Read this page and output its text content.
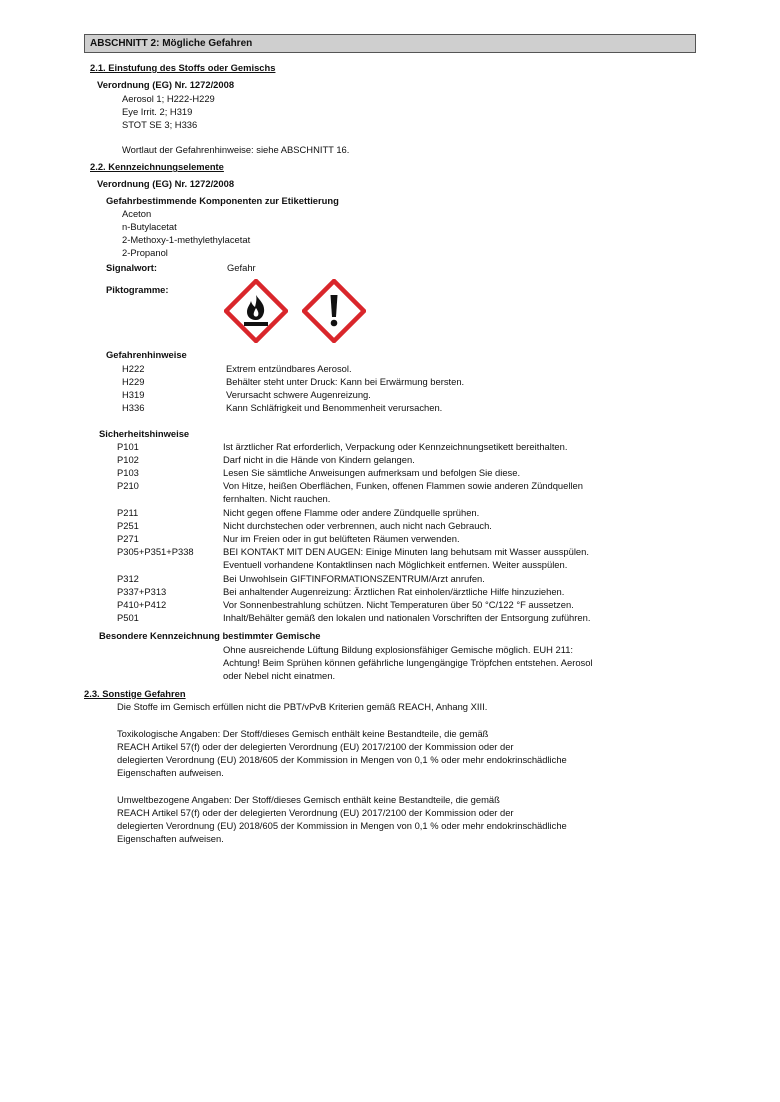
ABSCHNITT 2: Mögliche Gefahren
2.1. Einstufung des Stoffs oder Gemischs
Verordnung (EG) Nr. 1272/2008
Aerosol 1; H222-H229
Eye Irrit. 2; H319
STOT SE 3; H336
Wortlaut der Gefahrenhinweise: siehe ABSCHNITT 16.
2.2. Kennzeichnungselemente
Verordnung (EG) Nr. 1272/2008
Gefahrbestimmende Komponenten zur Etikettierung
Aceton
n-Butylacetat
2-Methoxy-1-methylethylacetat
2-Propanol
Signalwort:	Gefahr
Piktogramme:
Gefahrenhinweise
H222	Extrem entzündbares Aerosol.
H229	Behälter steht unter Druck: Kann bei Erwärmung bersten.
H319	Verursacht schwere Augenreizung.
H336	Kann Schläfrigkeit und Benommenheit verursachen.
Sicherheitshinweise
P101	Ist ärztlicher Rat erforderlich, Verpackung oder Kennzeichnungsetikett bereithalten.
P102	Darf nicht in die Hände von Kindern gelangen.
P103	Lesen Sie sämtliche Anweisungen aufmerksam und befolgen Sie diese.
P210	Von Hitze, heißen Oberflächen, Funken, offenen Flammen sowie anderen Zündquellen
fernhalten. Nicht rauchen.
P211	Nicht gegen offene Flamme oder andere Zündquelle sprühen.
P251	Nicht durchstechen oder verbrennen, auch nicht nach Gebrauch.
P271	Nur im Freien oder in gut belüfteten Räumen verwenden.
P305+P351+P338	BEI KONTAKT MIT DEN AUGEN: Einige Minuten lang behutsam mit Wasser ausspülen.
Eventuell vorhandene Kontaktlinsen nach Möglichkeit entfernen. Weiter ausspülen.
P312	Bei Unwohlsein GIFTINFORMATIONSZENTRUM/Arzt anrufen.
P337+P313	Bei anhaltender Augenreizung: Ärztlichen Rat einholen/ärztliche Hilfe hinzuziehen.
P410+P412	Vor Sonnenbestrahlung schützen. Nicht Temperaturen über 50 °C/122 °F aussetzen.
P501	Inhalt/Behälter gemäß den lokalen und nationalen Vorschriften der Entsorgung zuführen.
Besondere Kennzeichnung bestimmter Gemische
Ohne ausreichende Lüftung Bildung explosionsfähiger Gemische möglich. EUH 211:
Achtung! Beim Sprühen können gefährliche lungengängige Tröpfchen entstehen. Aerosol
oder Nebel nicht einatmen.
2.3. Sonstige Gefahren
Die Stoffe im Gemisch erfüllen nicht die PBT/vPvB Kriterien gemäß REACH, Anhang XIII.
Toxikologische Angaben: Der Stoff/dieses Gemisch enthält keine Bestandteile, die gemäß
REACH Artikel 57(f) oder der delegierten Verordnung (EU) 2017/2100 der Kommission oder der
delegierten Verordnung (EU) 2018/605 der Kommission in Mengen von 0,1 % oder mehr endokrinschädliche
Eigenschaften aufweisen.
Umweltbezogene Angaben: Der Stoff/dieses Gemisch enthält keine Bestandteile, die gemäß
REACH Artikel 57(f) oder der delegierten Verordnung (EU) 2017/2100 der Kommission oder der
delegierten Verordnung (EU) 2018/605 der Kommission in Mengen von 0,1 % oder mehr endokrinschädliche
Eigenschaften aufweisen.
